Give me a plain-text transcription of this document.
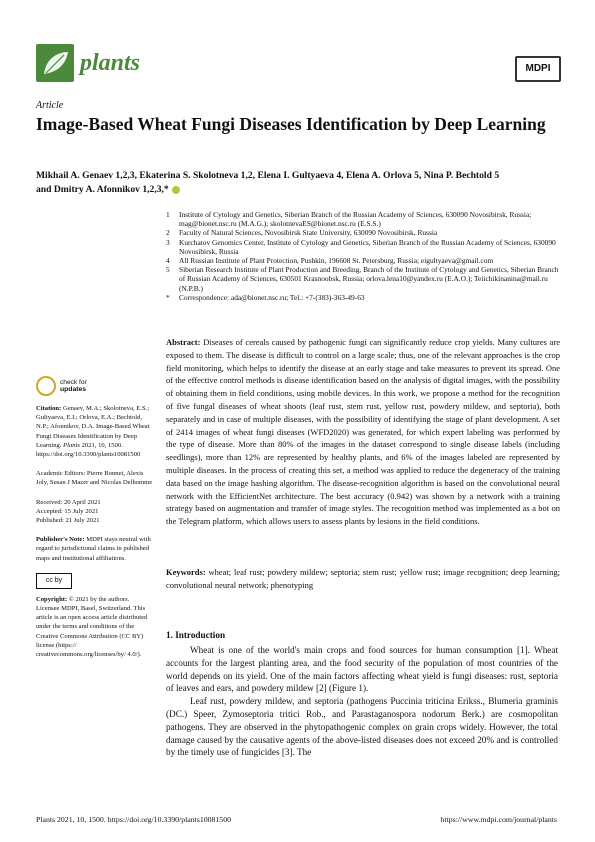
plants	MDPI
Article
Image-Based Wheat Fungi Diseases Identification by Deep Learning
Mikhail A. Genaev 1,2,3, Ekaterina S. Skolotneva 1,2, Elena I. Gultyaeva 4, Elena A. Orlova 5, Nina P. Bechtold 5
and Dmitry A. Afonnikov 1,2,3,*
1	Institute of Cytology and Genetics, Siberian Branch of the Russian Academy of Sciences, 630090 Novosibirsk, Russia; mag@bionet.nsc.ru (M.A.G.); skolotnevaES@bionet.nsc.ru (E.S.S.)
2	Faculty of Natural Sciences, Novosibirsk State University, 630090 Novosibirsk, Russia
3	Kurchatov Genomics Center, Institute of Cytology and Genetics, Siberian Branch of the Russian Academy of Sciences, 630090 Novosibirsk, Russia
4	All Russian Institute of Plant Protection, Pushkin, 196608 St. Petersburg, Russia; eigultyaeva@gmail.com
5	Siberian Research Institute of Plant Production and Breeding, Branch of the Institute of Cytology and Genetics, Siberian Branch of Russian Academy of Sciences, 630501 Krasnoobsk, Russia; orlova.lena10@yandex.ru (E.A.O.); Teiichikinanina@mail.ru (N.P.B.)
*	Correspondence: ada@bionet.nsc.ru; Tel.: +7-(383)-363-49-63
Abstract: Diseases of cereals caused by pathogenic fungi can significantly reduce crop yields. Many cultures are exposed to them. The disease is difficult to control on a large scale; thus, one of the relevant approaches is the crop field monitoring, which helps to identify the disease at an early stage and take measures to prevent its spread. One of the effective control methods is disease identification based on the analysis of digital images, with the possibility of obtaining them in field conditions, using mobile devices. In this work, we propose a method for the recognition of five fungal diseases of wheat shoots (leaf rust, stem rust, yellow rust, powdery mildew, and septoria), both separately and in case of multiple diseases, with the possibility of identifying the stage of plant development. A set of 2414 images of wheat fungi diseases (WFD2020) was generated, for which expert labeling was performed by the type of disease. More than 80% of the images in the dataset correspond to single disease labels (including seedlings), more than 12% are represented by healthy plants, and 6% of the images labeled are represented by multiple diseases. In the process of creating this set, a method was applied to reduce the degeneracy of the training data based on the image hashing algorithm. The disease-recognition algorithm is based on the convolutional neural network with the EfficientNet architecture. The best accuracy (0.942) was shown by a network with a training strategy based on augmentation and transfer of image styles. The recognition method was implemented as a bot on the Telegram platform, which allows users to assess plants by lesions in the field conditions.
Keywords: wheat; leaf rust; powdery mildew; septoria; stem rust; yellow rust; image recognition; deep learning; convolutional neural network; phenotyping
check for
updates
Citation: Genaev, M.A.; Skolotneva, E.S.; Gultyaeva, E.I.; Orlova, E.A.; Bechtold, N.P.; Afonnikov, D.A. Image-Based Wheat Fungi Diseases Identification by Deep Learning. Plants 2021, 10, 1500. https://doi.org/10.3390/plants10081500
Academic Editors: Pierre Bonnet, Alexis Joly, Susan J Mazer and Nicolas Delhomme
Received: 20 April 2021
Accepted: 15 July 2021
Published: 21 July 2021
Publisher's Note: MDPI stays neutral with regard to jurisdictional claims in published maps and institutional affiliations.
cc by
Copyright: © 2021 by the authors. Licensee MDPI, Basel, Switzerland. This article is an open access article distributed under the terms and conditions of the Creative Commons Attribution (CC BY) license (https:// creativecommons.org/licenses/by/ 4.0/).
1. Introduction

Wheat is one of the world's main crops and food sources for human consumption [1]. Wheat accounts for the largest planting area, and the food security of the population of most countries of the world depends on its yield. One of the main factors affecting wheat yield is fungi diseases: rust, septoria of leaves and ears, and powdery mildew [2] (Figure 1).

Leaf rust, powdery mildew, and septoria (pathogens Puccinia triticina Erikss., Blumeria graminis (DC.) Speer, Zymoseptoria tritici Rob., and Parastaganospora nodorum Berk.) are cosmopolitan pathogens. They are observed in the phytopathogenic complex on grain crops widely. However, the total damage caused by the causative agents of the above-listed diseases does not exceed 20% and is controlled by the timely use of fungicides [3]. The

Plants 2021, 10, 1500. https://doi.org/10.3390/plants10081500	https://www.mdpi.com/journal/plants
